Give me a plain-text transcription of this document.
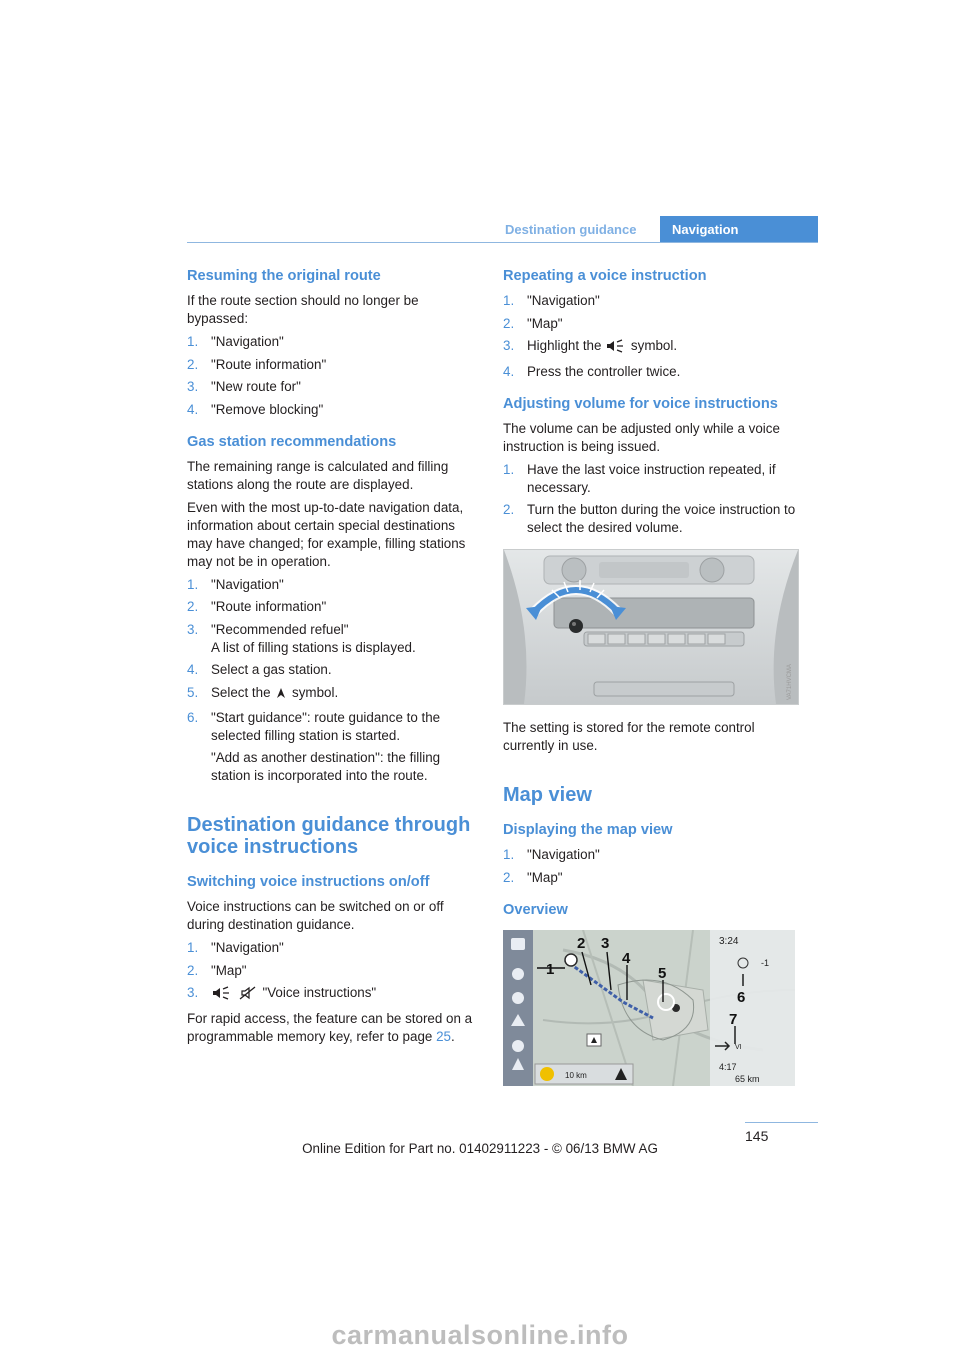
Destination guidance	Navigation
Resuming the original route

If the route section should no longer be bypassed:

1. "Navigation"
2. "Route information"
3. "New route for"
4. "Remove blocking"
Gas station recommendations

The remaining range is calculated and filling stations along the route are displayed.

Even with the most up-to-date navigation data, information about certain special destinations may have changed; for example, filling stations may not be in operation.

1. "Navigation"
2. "Route information"
3. "Recommended refuel"
A list of filling stations is displayed.
4. Select a gas station.
5. Select the symbol.
6. "Start guidance": route guidance to the selected filling station is started.
"Add as another destination": the filling station is incorporated into the route.
Destination guidance through voice instructions
Switching voice instructions on/off

Voice instructions can be switched on or off during destination guidance.

1. "Navigation"
2. "Map"
3.	"Voice instructions"

For rapid access, the feature can be stored on a programmable memory key, refer to page 25.

Repeating a voice instruction
1. "Navigation"
2. "Map"
3. Highlight the symbol.
4. Press the controller twice.
Adjusting volume for voice instructions

The volume can be adjusted only while a voice instruction is being issued.

1. Have the last voice instruction repeated, if necessary.
2. Turn the button during the voice instruction to select the desired volume.
VA71HVCMA

The setting is stored for the remote control currently in use.

Map view
Displaying the map view
1. "Navigation"
2. "Map"
Overview
3:24
-1
VI
4:17
65 km
10 km
2 3
4
5
6
7
1
145
Online Edition for Part no. 01402911223 - © 06/13 BMW AG
carmanualsonline.info
